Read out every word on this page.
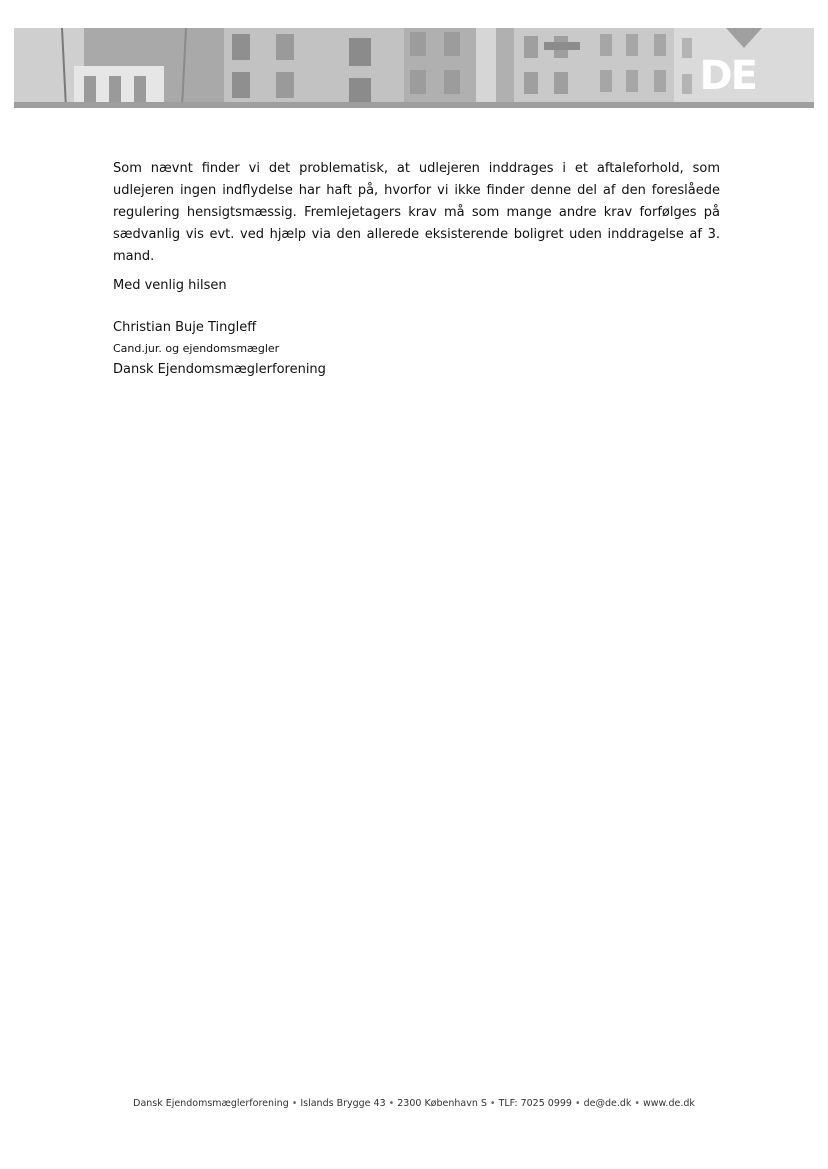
DE

Som nævnt finder vi det problematisk, at udlejeren inddrages i et aftaleforhold, som udlejeren ingen indflydelse har haft på, hvorfor vi ikke finder denne del af den foreslåede regulering hensigtsmæssig. Fremlejetagers krav må som mange andre krav forfølges på sædvanlig vis evt. ved hjælp via den allerede eksisterende boligret uden inddragelse af 3. mand.

Med venlig hilsen
Christian Buje Tingleff
Cand.jur. og ejendomsmægler
Dansk Ejendomsmæglerforening
Dansk Ejendomsmæglerforening • Islands Brygge 43 • 2300 København S • TLF: 7025 0999 • de@de.dk • www.de.dk
